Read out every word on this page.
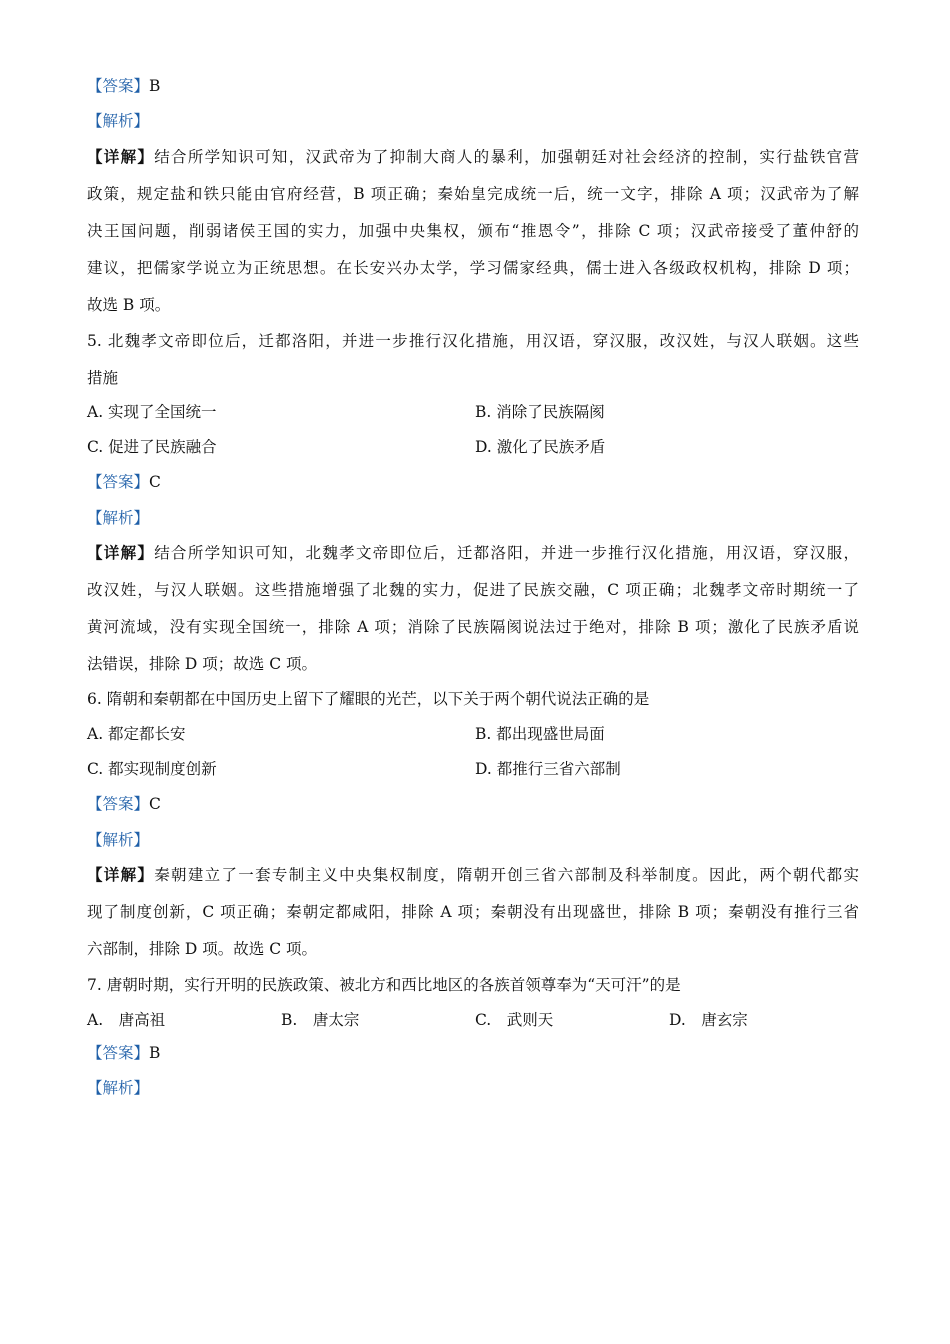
【答案】B
【解析】
【详解】结合所学知识可知，汉武帝为了抑制大商人的暴利，加强朝廷对社会经济的控制，实行盐铁官营
政策，规定盐和铁只能由官府经营，B 项正确；秦始皇完成统一后，统一文字，排除 A 项；汉武帝为了解
决王国问题，削弱诸侯王国的实力，加强中央集权，颁布“推恩令”，排除 C 项；汉武帝接受了董仲舒的
建议，把儒家学说立为正统思想。在长安兴办太学，学习儒家经典，儒士进入各级政权机构，排除 D 项；
故选 B 项。
5. 北魏孝文帝即位后，迁都洛阳，并进一步推行汉化措施，用汉语，穿汉服，改汉姓，与汉人联姻。这些
措施
A. 实现了全国统一	B. 消除了民族隔阂
C. 促进了民族融合	D. 激化了民族矛盾
【答案】C
【解析】
【详解】结合所学知识可知，北魏孝文帝即位后，迁都洛阳，并进一步推行汉化措施，用汉语，穿汉服，
改汉姓，与汉人联姻。这些措施增强了北魏的实力，促进了民族交融，C 项正确；北魏孝文帝时期统一了
黄河流域，没有实现全国统一，排除 A 项；消除了民族隔阂说法过于绝对，排除 B 项；激化了民族矛盾说
法错误，排除 D 项；故选 C 项。
6. 隋朝和秦朝都在中国历史上留下了耀眼的光芒，以下关于两个朝代说法正确的是
A. 都定都长安	B. 都出现盛世局面
C. 都实现制度创新	D. 都推行三省六部制
【答案】C
【解析】
【详解】秦朝建立了一套专制主义中央集权制度，隋朝开创三省六部制及科举制度。因此，两个朝代都实
现了制度创新，C 项正确；秦朝定都咸阳，排除 A 项；秦朝没有出现盛世，排除 B 项；秦朝没有推行三省
六部制，排除 D 项。故选 C 项。
7. 唐朝时期，实行开明的民族政策、被北方和西比地区的各族首领尊奉为“天可汗”的是
A.　唐高祖	B.　唐太宗	C.　武则天	D.　唐玄宗
【答案】B
【解析】
